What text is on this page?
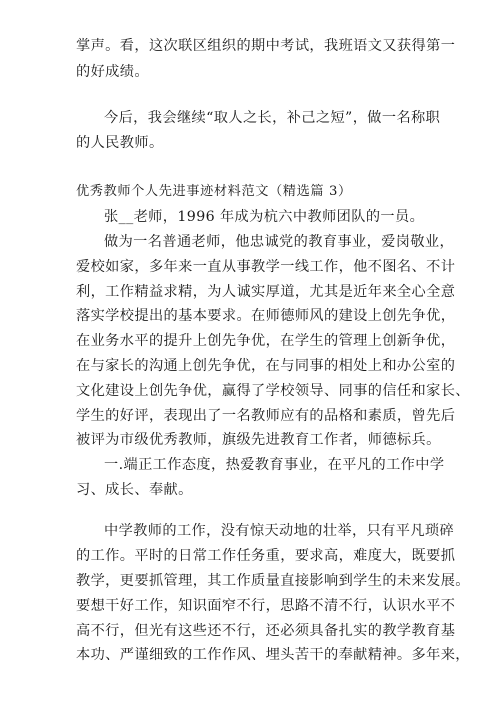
掌声。看，这次联区组织的期中考试，我班语文又获得第一
的好成绩。
今后，我会继续“取人之长，补己之短”，做一名称职
的人民教师。
优秀教师个人先进事迹材料范文（精选篇 3）
张__老师，1996 年成为杭六中教师团队的一员。
做为一名普通老师，他忠诚党的教育事业，爱岗敬业，
爱校如家，多年来一直从事教学一线工作，他不图名、不计
利，工作精益求精，为人诚实厚道，尤其是近年来全心全意
落实学校提出的基本要求。在师德师风的建设上创先争优，
在业务水平的提升上创先争优，在学生的管理上创新争优，
在与家长的沟通上创先争优，在与同事的相处上和办公室的
文化建设上创先争优，赢得了学校领导、同事的信任和家长、
学生的好评，表现出了一名教师应有的品格和素质，曾先后
被评为市级优秀教师，旗级先进教育工作者，师德标兵。
一.端正工作态度，热爱教育事业，在平凡的工作中学
习、成长、奉献。
中学教师的工作，没有惊天动地的壮举，只有平凡琐碎
的工作。平时的日常工作任务重，要求高，难度大，既要抓
教学，更要抓管理，其工作质量直接影响到学生的未来发展。
要想干好工作，知识面窄不行，思路不清不行，认识水平不
高不行，但光有这些还不行，还必须具备扎实的教学教育基
本功、严谨细致的工作作风、埋头苦干的奉献精神。多年来，
